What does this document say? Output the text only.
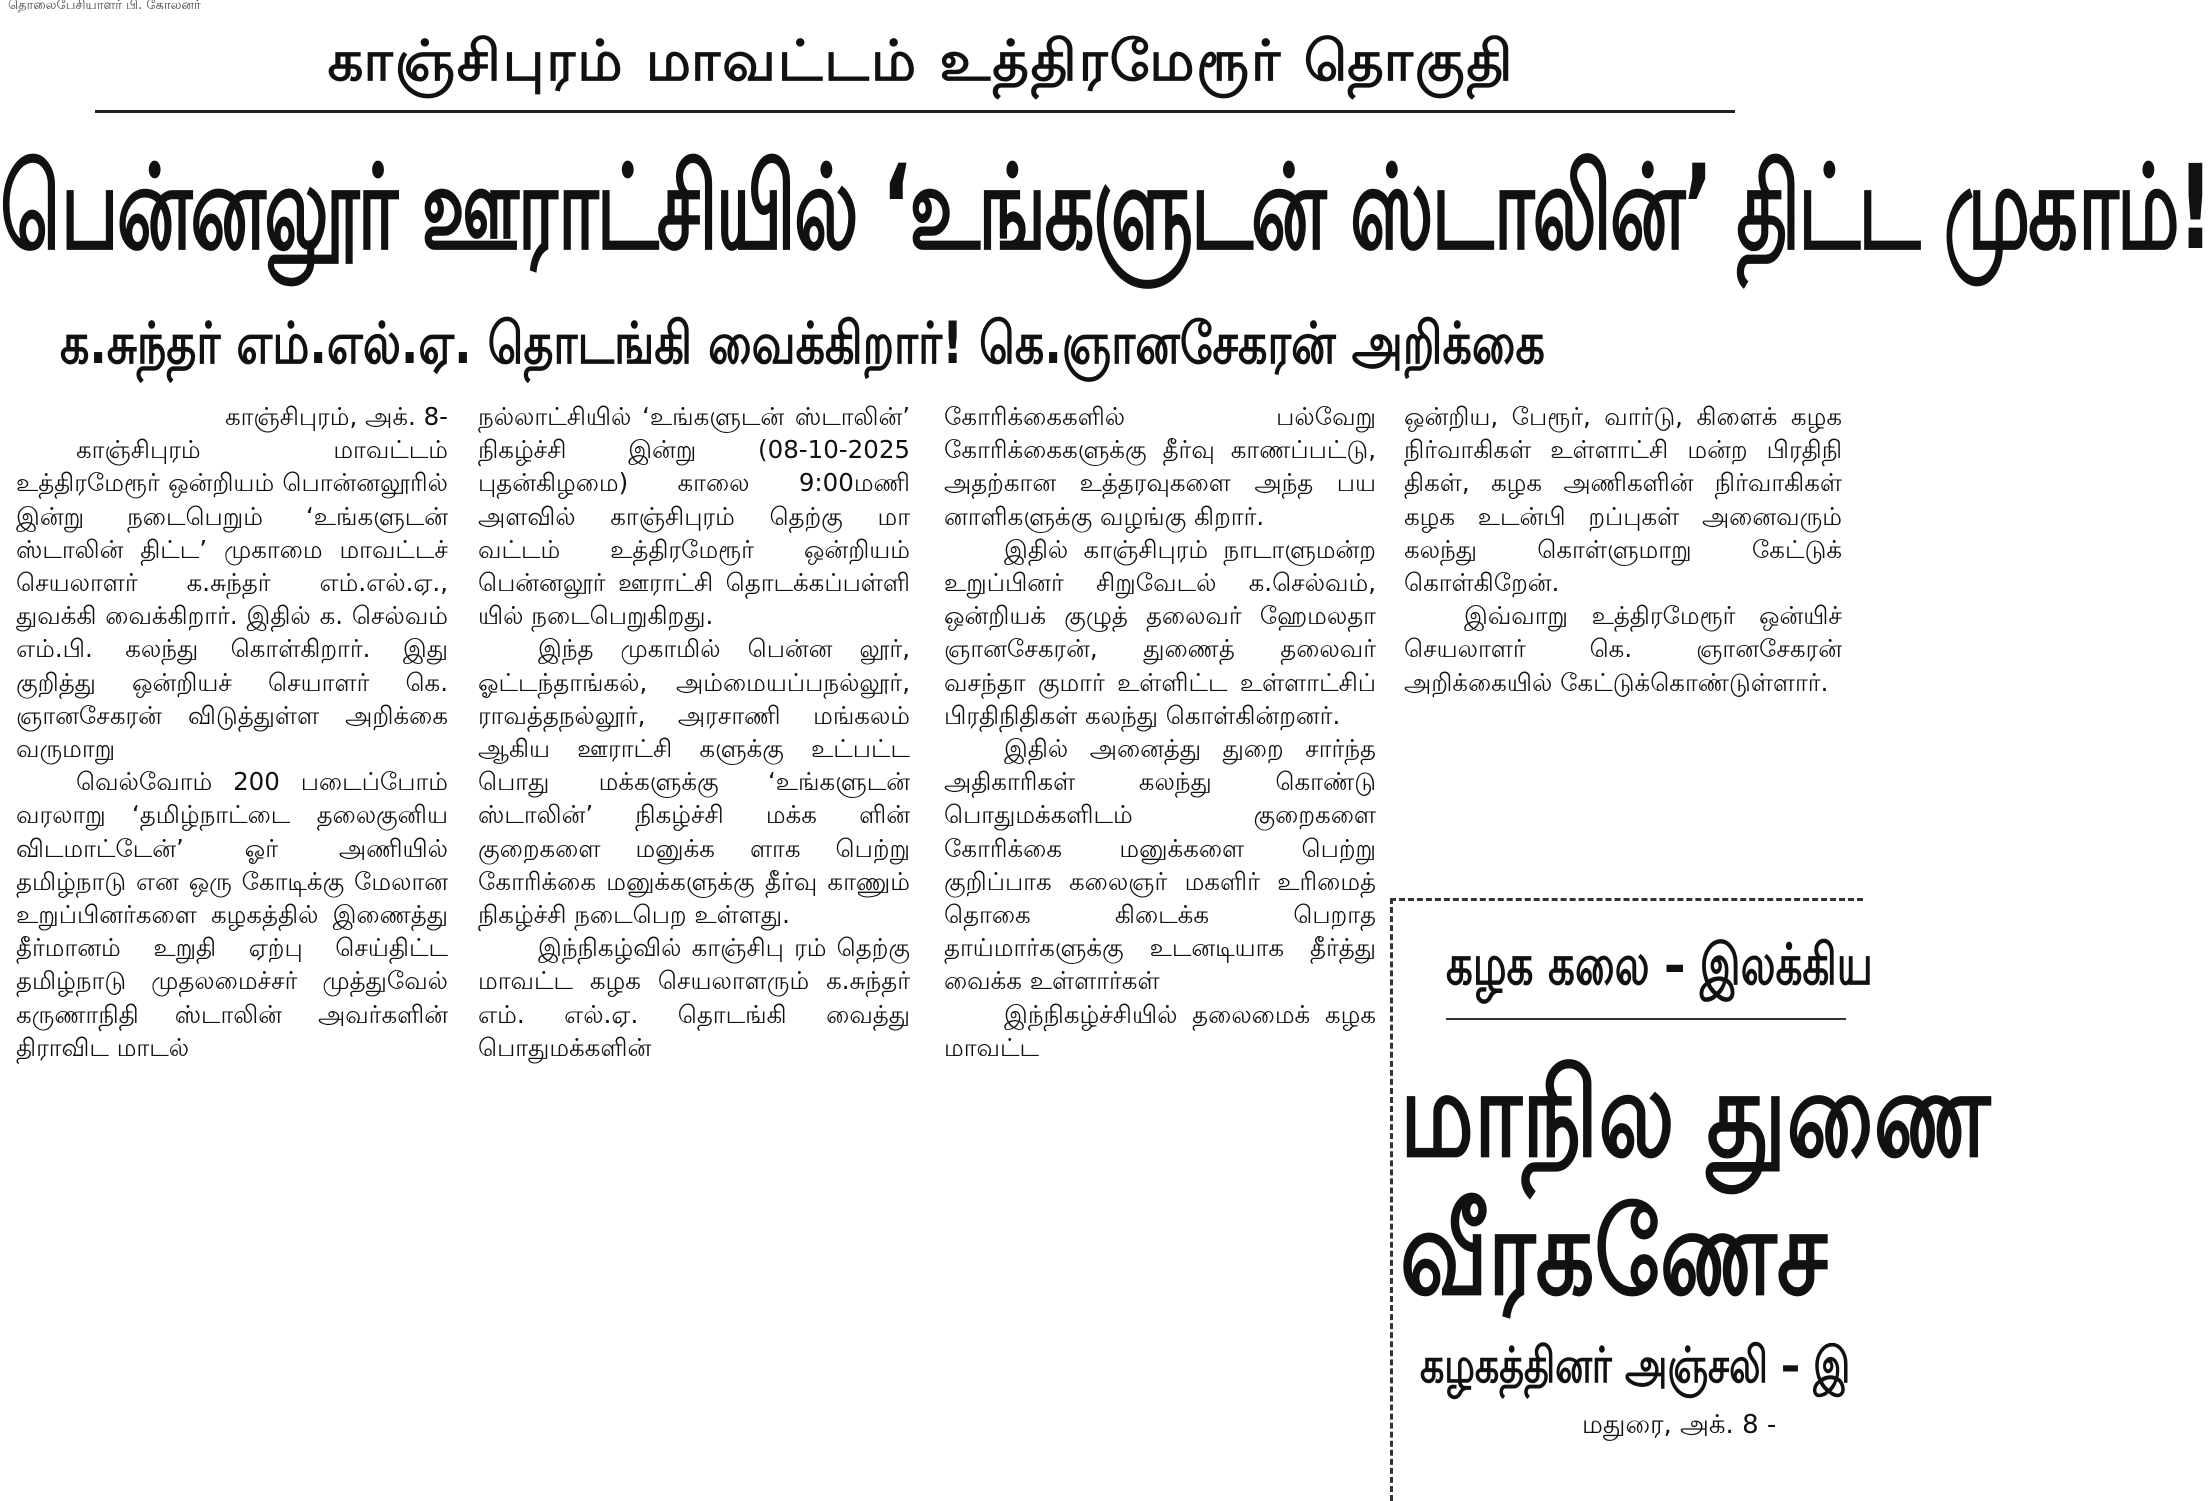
தொலைபேசியாளர் பி. கோலனர்
காஞ்சிபுரம் மாவட்டம் உத்திரமேரூர் தொகுதி
பென்னலூர் ஊராட்சியில் ‘உங்களுடன் ஸ்டாலின்’ திட்ட முகாம்!
க.சுந்தர் எம்.எல்.ஏ. தொடங்கி வைக்கிறார்! கெ.ஞானசேகரன் அறிக்கை

காஞ்சிபுரம், அக். 8-

காஞ்சிபுரம் மாவட்டம் உத்திரமேரூர் ஒன்றியம் பொன்னலூரில் இன்று நடைபெறும் ‘உங்களுடன் ஸ்டாலின் திட்ட’ முகாமை மாவட்டச் செயலாளர் க.சுந்தர் எம்.எல்.ஏ., துவக்கி வைக்கிறார். இதில் க. செல்வம் எம்.பி. கலந்து கொள்கிறார். இது குறித்து ஒன்றியச் செயாளர் கெ. ஞானசேகரன் விடுத்துள்ள அறிக்கை வருமாறு

வெல்வோம் 200 படைப்போம் வரலாறு ‘தமிழ்நாட்டை தலைகுனிய விடமாட்டேன்’ ஓர் அணியில் தமிழ்நாடு என ஒரு கோடிக்கு மேலான உறுப்பினர்களை கழகத்தில் இணைத்து தீர்மானம் உறுதி ஏற்பு செய்திட்ட தமிழ்நாடு முதலமைச்சர் முத்துவேல் கருணாநிதி ஸ்டாலின் அவர்களின் திராவிட மாடல்

நல்லாட்சியில் ‘உங்களுடன் ஸ்டாலின்’ நிகழ்ச்சி இன்று (08-10-2025 புதன்கிழமை) காலை 9:00மணி அளவில் காஞ்சிபுரம் தெற்கு மா வட்டம் உத்திரமேரூர் ஒன்றியம் பென்னலூர் ஊராட்சி தொடக்கப்பள்ளி யில் நடைபெறுகிறது.

இந்த முகாமில் பென்ன லூர், ஓட்டந்தாங்கல், அம்மையப்பநல்லூர், ராவத்தநல்லூர், அரசாணி மங்கலம் ஆகிய ஊராட்சி களுக்கு உட்பட்ட பொது மக்களுக்கு ‘உங்களுடன் ஸ்டாலின்’ நிகழ்ச்சி மக்க ளின் குறைகளை மனுக்க ளாக பெற்று கோரிக்கை மனுக்களுக்கு தீர்வு காணும் நிகழ்ச்சி நடைபெற உள்ளது.

இந்நிகழ்வில் காஞ்சிபு ரம் தெற்கு மாவட்ட கழக செயலாளரும் க.சுந்தர் எம். எல்.ஏ. தொடங்கி வைத்து பொதுமக்களின்

கோரிக்கைகளில் பல்வேறு கோரிக்கைகளுக்கு தீர்வு காணப்பட்டு, அதற்கான உத்தரவுகளை அந்த பய னாளிகளுக்கு வழங்கு கிறார்.

இதில் காஞ்சிபுரம் நாடாளுமன்ற உறுப்பினர் சிறுவேடல் க.செல்வம், ஒன்றியக் குழுத் தலைவர் ஹேமலதா ஞானசேகரன், துணைத் தலைவர் வசந்தா குமார் உள்ளிட்ட உள்ளாட்சிப் பிரதிநிதிகள் கலந்து கொள்கின்றனர்.

இதில் அனைத்து துறை சார்ந்த அதிகாரிகள் கலந்து கொண்டு பொதுமக்களிடம் குறைகளை கோரிக்கை மனுக்களை பெற்று குறிப்பாக கலைஞர் மகளிர் உரிமைத் தொகை கிடைக்க பெறாத தாய்மார்களுக்கு உடனடியாக தீர்த்து வைக்க உள்ளார்கள்

இந்நிகழ்ச்சியில் தலைமைக் கழக மாவட்ட

ஒன்றிய, பேரூர், வார்டு, கிளைக் கழக நிர்வாகிகள் உள்ளாட்சி மன்ற பிரதிநி திகள், கழக அணிகளின் நிர்வாகிகள் கழக உடன்பி றப்புகள் அனைவரும் கலந்து கொள்ளுமாறு கேட்டுக் கொள்கிறேன்.

இவ்வாறு உத்திரமேரூர் ஒன்யிச் செயலாளர் கெ. ஞானசேகரன் அறிக்கையில் கேட்டுக்கொண்டுள்ளார்.

கழக கலை – இலக்கிய
மாநில துணை
வீரகணேச
கழகத்தினர் அஞ்சலி – இ
மதுரை, அக். 8 -
